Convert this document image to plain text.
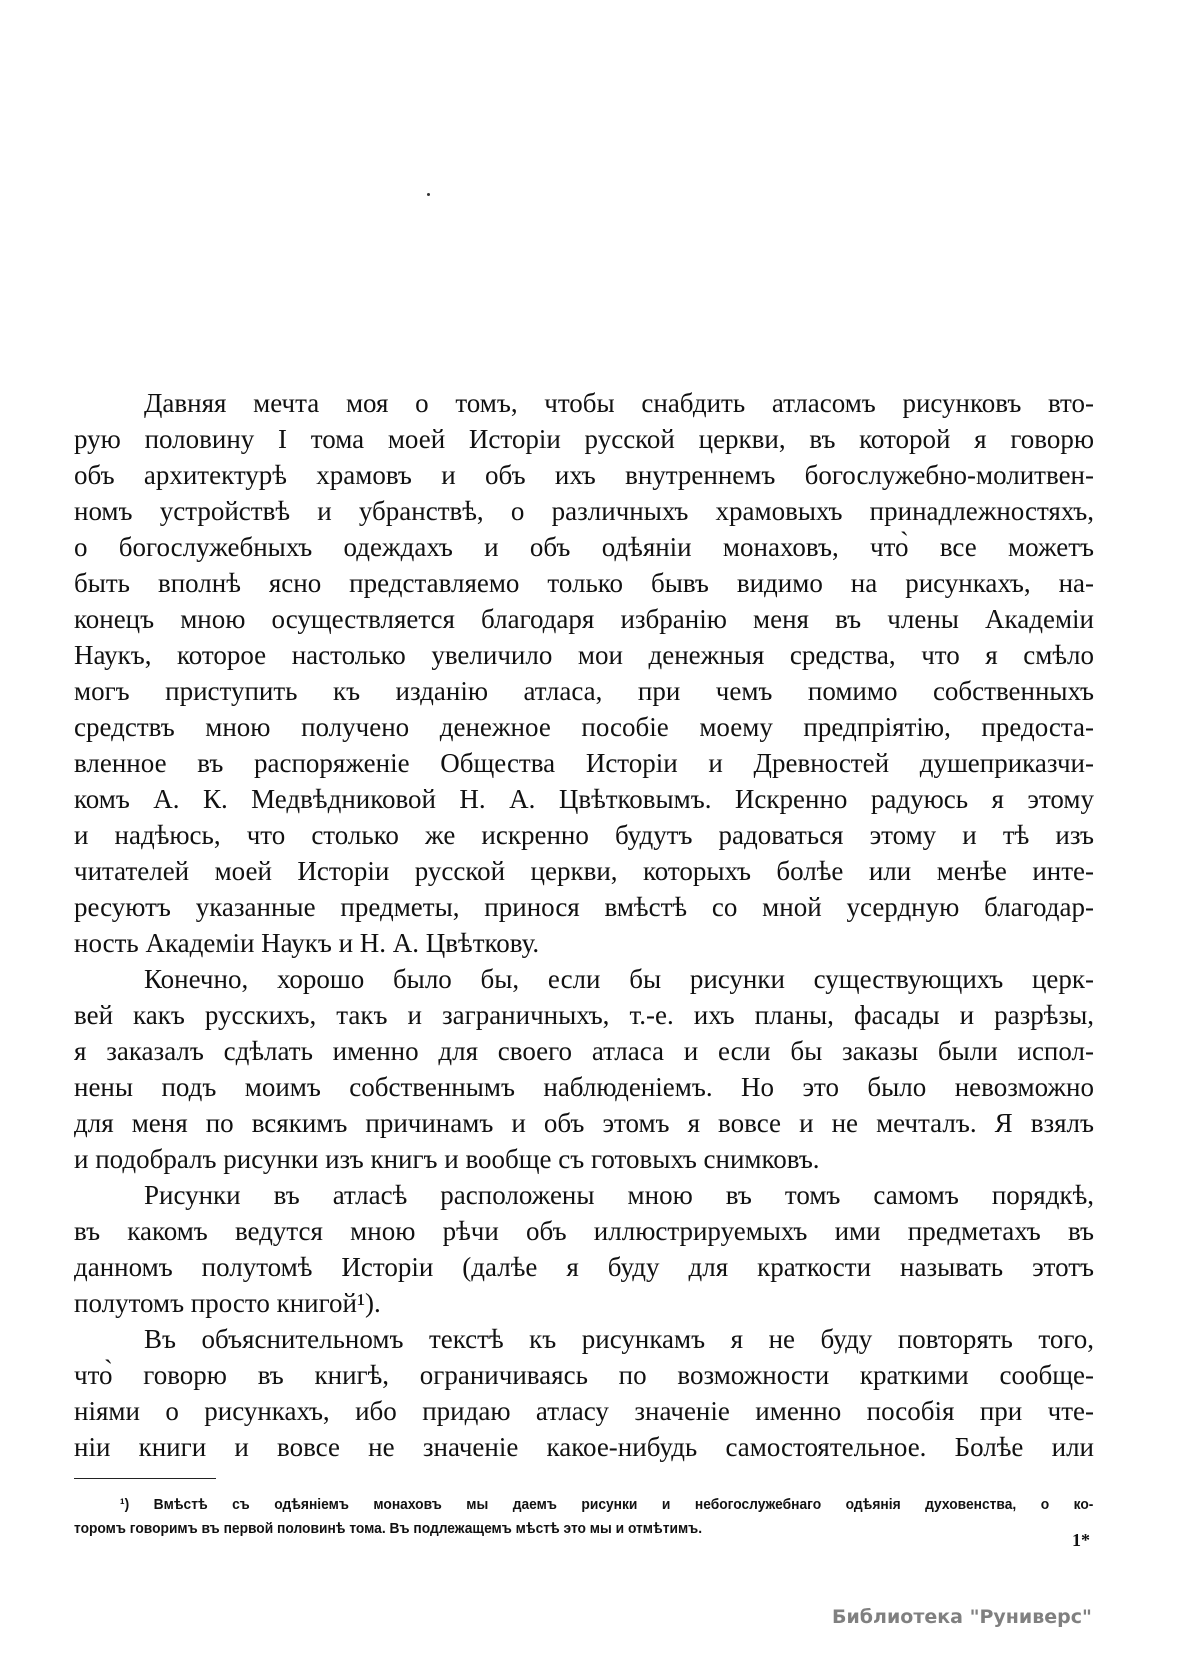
Давняя мечта моя о томъ, чтобы снабдить атласомъ рисунковъ вто-
рую половину I тома моей Исторіи русской церкви, въ которой я говорю
объ архитектурѣ храмовъ и объ ихъ внутреннемъ богослужебно-молитвен-
номъ устройствѣ и убранствѣ, о различныхъ храмовыхъ принадлежностяхъ,
о богослужебныхъ одеждахъ и объ одѣяніи монаховъ, что̀ все можетъ
быть вполнѣ ясно представляемо только бывъ видимо на рисункахъ, на-
конецъ мною осуществляется благодаря избранію меня въ члены Академіи
Наукъ, которое настолько увеличило мои денежныя средства, что я смѣло
могъ приступить къ изданію атласа, при чемъ помимо собственныхъ
средствъ мною получено денежное пособіе моему предпріятію, предоста-
вленное въ распоряженіе Общества Исторіи и Древностей душеприказчи-
комъ А. К. Медвѣдниковой Н. А. Цвѣтковымъ. Искренно радуюсь я этому
и надѣюсь, что столько же искренно будутъ радоваться этому и тѣ изъ
читателей моей Исторіи русской церкви, которыхъ болѣе или менѣе инте-
ресуютъ указанные предметы, принося вмѣстѣ со мной усердную благодар-
ность Академіи Наукъ и Н. А. Цвѣткову.
Конечно, хорошо было бы, если бы рисунки существующихъ церк-
вей какъ русскихъ, такъ и заграничныхъ, т.-е. ихъ планы, фасады и разрѣзы,
я заказалъ сдѣлать именно для своего атласа и если бы заказы были испол-
нены подъ моимъ собственнымъ наблюденіемъ. Но это было невозможно
для меня по всякимъ причинамъ и объ этомъ я вовсе и не мечталъ. Я взялъ
и подобралъ рисунки изъ книгъ и вообще съ готовыхъ снимковъ.
Рисунки въ атласѣ расположены мною въ томъ самомъ порядкѣ,
въ какомъ ведутся мною рѣчи объ иллюстрируемыхъ ими предметахъ въ
данномъ полутомѣ Исторіи (далѣе я буду для краткости называть этотъ
полутомъ просто книгой¹).
Въ объяснительномъ текстѣ къ рисункамъ я не буду повторять того,
что̀ говорю въ книгѣ, ограничиваясь по возможности краткими сообще-
ніями о рисункахъ, ибо придаю атласу значеніе именно пособія при чте-
ніи книги и вовсе не значеніе какое-нибудь самостоятельное. Болѣе или
¹) Вмѣстѣ съ одѣяніемъ монаховъ мы даемъ рисунки и небогослужебнаго одѣянія духовенства, о ко-
торомъ говоримъ въ первой половинѣ тома. Въ подлежащемъ мѣстѣ это мы и отмѣтимъ.
1*
Библиотека "Руниверс"
